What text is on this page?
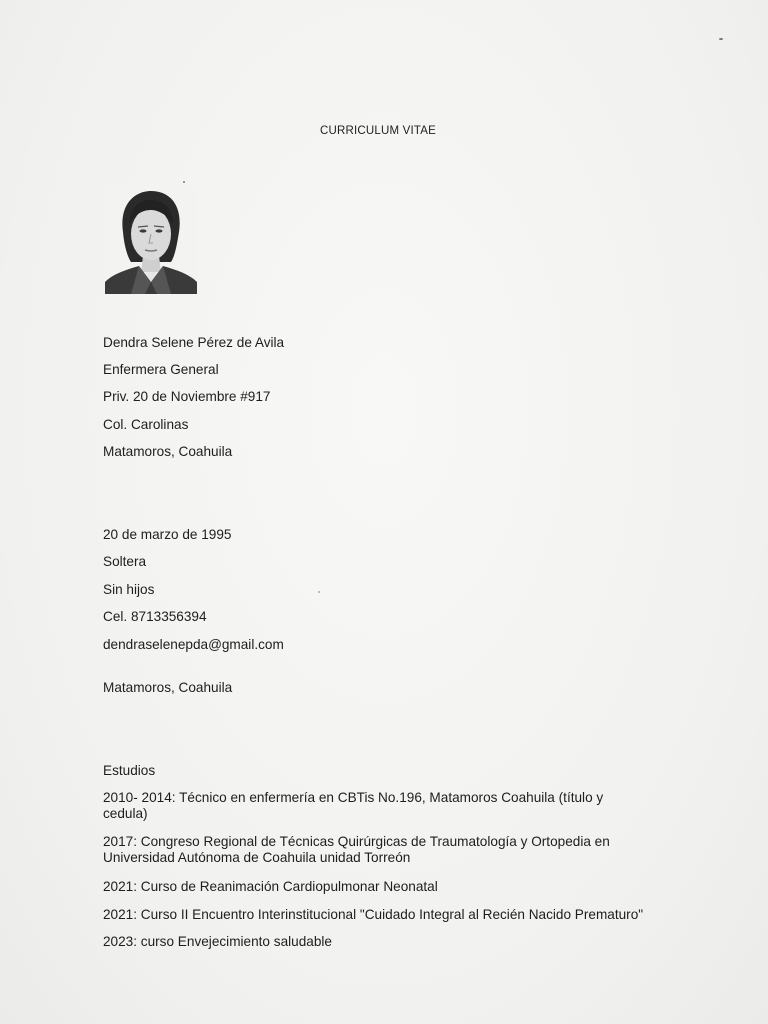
CURRICULUM VITAE
Dendra Selene Pérez de Avila
Enfermera General
Priv. 20 de Noviembre #917
Col. Carolinas
Matamoros, Coahuila
20 de marzo de 1995
Soltera
Sin hijos
Cel. 8713356394
dendraselenepda@gmail.com
Matamoros, Coahuila
Estudios
2010- 2014: Técnico en enfermería en CBTis No.196, Matamoros Coahuila (título y cedula)
2017: Congreso Regional de Técnicas Quirúrgicas de Traumatología y Ortopedia en Universidad Autónoma de Coahuila unidad Torreón
2021: Curso de Reanimación Cardiopulmonar Neonatal
2021: Curso II Encuentro Interinstitucional "Cuidado Integral al Recién Nacido Prematuro"
2023: curso Envejecimiento saludable
